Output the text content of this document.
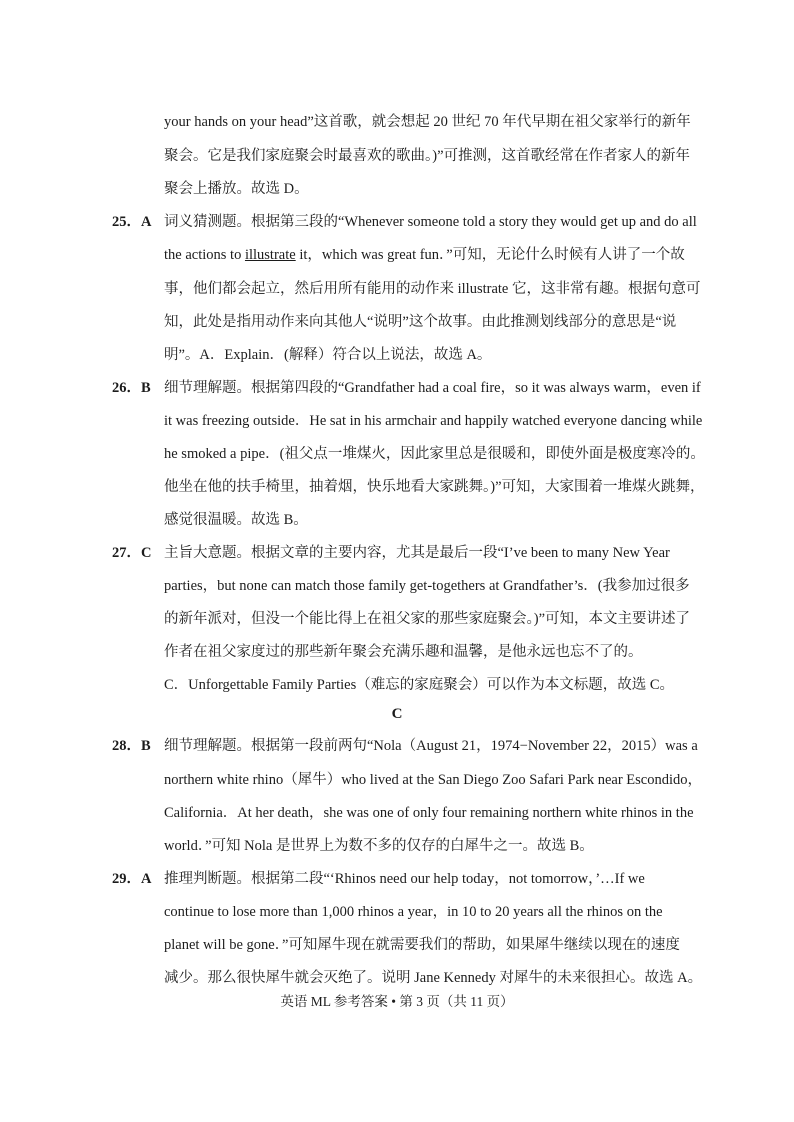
your hands on your head”这首歌，就会想起 20 世纪 70 年代早期在祖父家举行的新年

聚会。它是我们家庭聚会时最喜欢的歌曲。)”可推测，这首歌经常在作者家人的新年

聚会上播放。故选 D。

25．A 词义猜测题。根据第三段的“Whenever someone told a story they would get up and do all

the actions to illustrate it，which was great fun．”可知，无论什么时候有人讲了一个故

事，他们都会起立，然后用所有能用的动作来 illustrate 它，这非常有趣。根据句意可

知，此处是指用动作来向其他人“说明”这个故事。由此推测划线部分的意思是“说

明”。A．Explain．(解释）符合以上说法，故选 A。

26．B 细节理解题。根据第四段的“Grandfather had a coal fire，so it was always warm，even if

it was freezing outside．He sat in his armchair and happily watched everyone dancing while

he smoked a pipe．(祖父点一堆煤火，因此家里总是很暖和，即使外面是极度寒冷的。

他坐在他的扶手椅里，抽着烟，快乐地看大家跳舞。)”可知，大家围着一堆煤火跳舞，

感觉很温暖。故选 B。

27．C 主旨大意题。根据文章的主要内容，尤其是最后一段“I’ve been to many New Year

parties，but none can match those family get-togethers at Grandfather’s．(我参加过很多

的新年派对，但没一个能比得上在祖父家的那些家庭聚会。)”可知，本文主要讲述了

作者在祖父家度过的那些新年聚会充满乐趣和温馨，是他永远也忘不了的。

C．Unforgettable Family Parties（难忘的家庭聚会）可以作为本文标题，故选 C。

C
28．B 细节理解题。根据第一段前两句“Nola（August 21，1974−November 22，2015）was a

northern white rhino（犀牛）who lived at the San Diego Zoo Safari Park near Escondido，

California．At her death，she was one of only four remaining northern white rhinos in the

world．”可知 Nola 是世界上为数不多的仅存的白犀牛之一。故选 B。

29．A 推理判断题。根据第二段“‘Rhinos need our help today，not tomorrow，’…If we

continue to lose more than 1,000 rhinos a year，in 10 to 20 years all the rhinos on the

planet will be gone．”可知犀牛现在就需要我们的帮助，如果犀牛继续以现在的速度

减少。那么很快犀牛就会灭绝了。说明 Jane Kennedy 对犀牛的未来很担心。故选 A。

英语 ML 参考答案 • 第 3 页（共 11 页）
